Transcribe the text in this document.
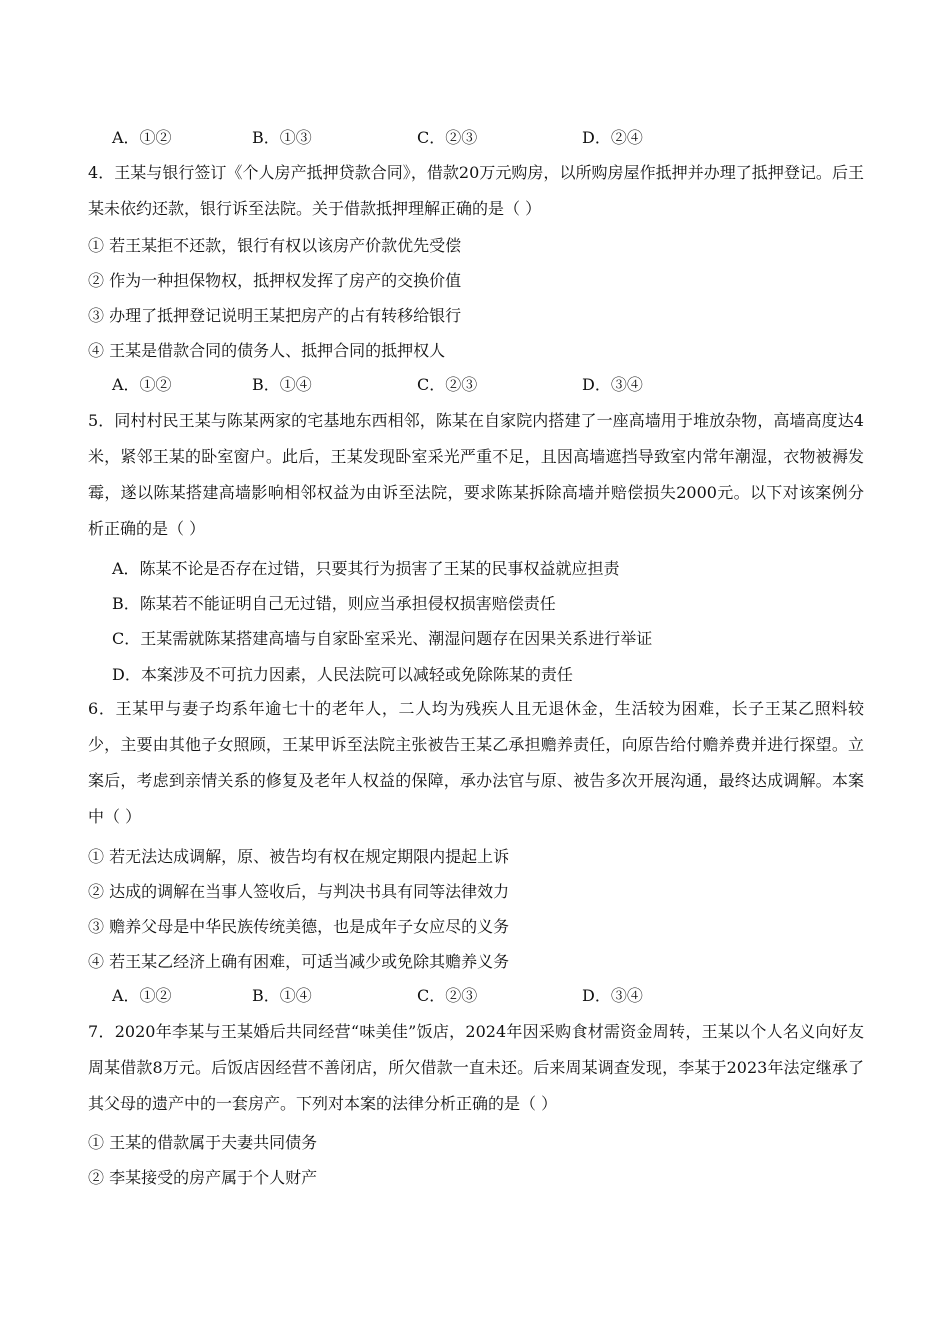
A．①②	B．①③	C．②③	D．②④
4．王某与银行签订《个人房产抵押贷款合同》，借款20万元购房，以所购房屋作抵押并办理了抵押登记。后王某未依约还款，银行诉至法院。关于借款抵押理解正确的是（ ）
① 若王某拒不还款，银行有权以该房产价款优先受偿
② 作为一种担保物权，抵押权发挥了房产的交换价值
③ 办理了抵押登记说明王某把房产的占有转移给银行
④ 王某是借款合同的债务人、抵押合同的抵押权人
A．①②	B．①④	C．②③	D．③④
5．同村村民王某与陈某两家的宅基地东西相邻，陈某在自家院内搭建了一座高墙用于堆放杂物，高墙高度达4米，紧邻王某的卧室窗户。此后，王某发现卧室采光严重不足，且因高墙遮挡导致室内常年潮湿，衣物被褥发霉，遂以陈某搭建高墙影响相邻权益为由诉至法院，要求陈某拆除高墙并赔偿损失2000元。以下对该案例分析正确的是（ ）
A．陈某不论是否存在过错，只要其行为损害了王某的民事权益就应担责
B．陈某若不能证明自己无过错，则应当承担侵权损害赔偿责任
C．王某需就陈某搭建高墙与自家卧室采光、潮湿问题存在因果关系进行举证
D．本案涉及不可抗力因素，人民法院可以减轻或免除陈某的责任
6．王某甲与妻子均系年逾七十的老年人，二人均为残疾人且无退休金，生活较为困难，长子王某乙照料较少，主要由其他子女照顾，王某甲诉至法院主张被告王某乙承担赡养责任，向原告给付赡养费并进行探望。立案后，考虑到亲情关系的修复及老年人权益的保障，承办法官与原、被告多次开展沟通，最终达成调解。本案中（ ）
① 若无法达成调解，原、被告均有权在规定期限内提起上诉
② 达成的调解在当事人签收后，与判决书具有同等法律效力
③ 赡养父母是中华民族传统美德，也是成年子女应尽的义务
④ 若王某乙经济上确有困难，可适当减少或免除其赡养义务
A．①②	B．①④	C．②③	D．③④
7．2020年李某与王某婚后共同经营“味美佳”饭店，2024年因采购食材需资金周转，王某以个人名义向好友周某借款8万元。后饭店因经营不善闭店，所欠借款一直未还。后来周某调查发现，李某于2023年法定继承了其父母的遗产中的一套房产。下列对本案的法律分析正确的是（ ）
① 王某的借款属于夫妻共同债务
② 李某接受的房产属于个人财产
